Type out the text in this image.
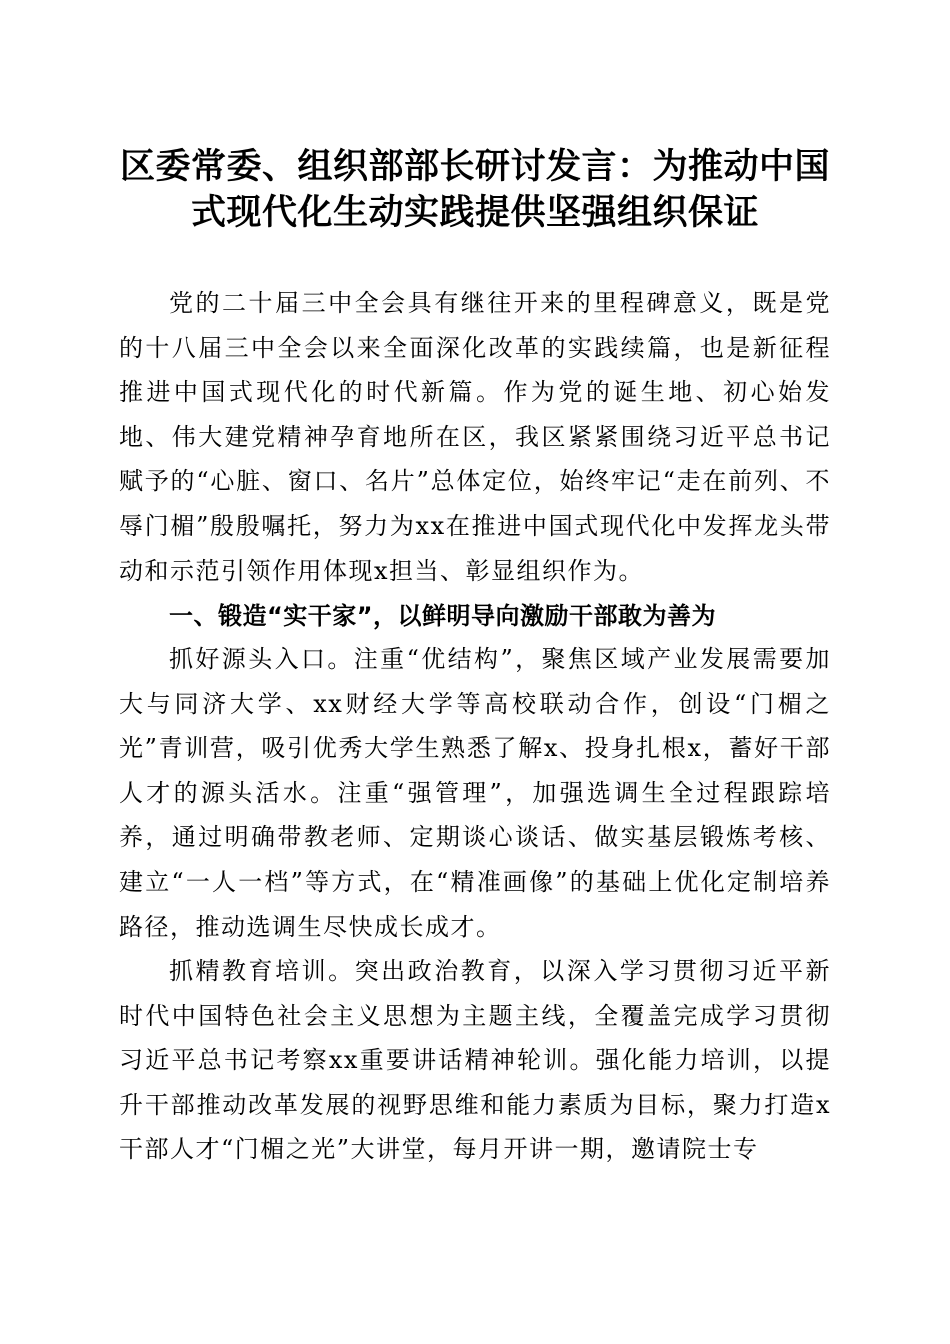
区委常委、组织部部长研讨发言：为推动中国
式现代化生动实践提供坚强组织保证

党的二十届三中全会具有继往开来的里程碑意义，既是党的十八届三中全会以来全面深化改革的实践续篇，也是新征程推进中国式现代化的时代新篇。作为党的诞生地、初心始发地、伟大建党精神孕育地所在区，我区紧紧围绕习近平总书记赋予的“心脏、窗口、名片”总体定位，始终牢记“走在前列、不辱门楣”殷殷嘱托，努力为xx在推进中国式现代化中发挥龙头带动和示范引领作用体现x担当、彰显组织作为。

一、锻造“实干家”，以鲜明导向激励干部敢为善为

抓好源头入口。注重“优结构”，聚焦区域产业发展需要加大与同济大学、xx财经大学等高校联动合作，创设“门楣之光”青训营，吸引优秀大学生熟悉了解x、投身扎根x，蓄好干部人才的源头活水。注重“强管理”，加强选调生全过程跟踪培养，通过明确带教老师、定期谈心谈话、做实基层锻炼考核、建立“一人一档”等方式，在“精准画像”的基础上优化定制培养路径，推动选调生尽快成长成才。

抓精教育培训。突出政治教育，以深入学习贯彻习近平新时代中国特色社会主义思想为主题主线，全覆盖完成学习贯彻习近平总书记考察xx重要讲话精神轮训。强化能力培训，以提升干部推动改革发展的视野思维和能力素质为目标，聚力打造x干部人才“门楣之光”大讲堂，每月开讲一期，邀请院士专
